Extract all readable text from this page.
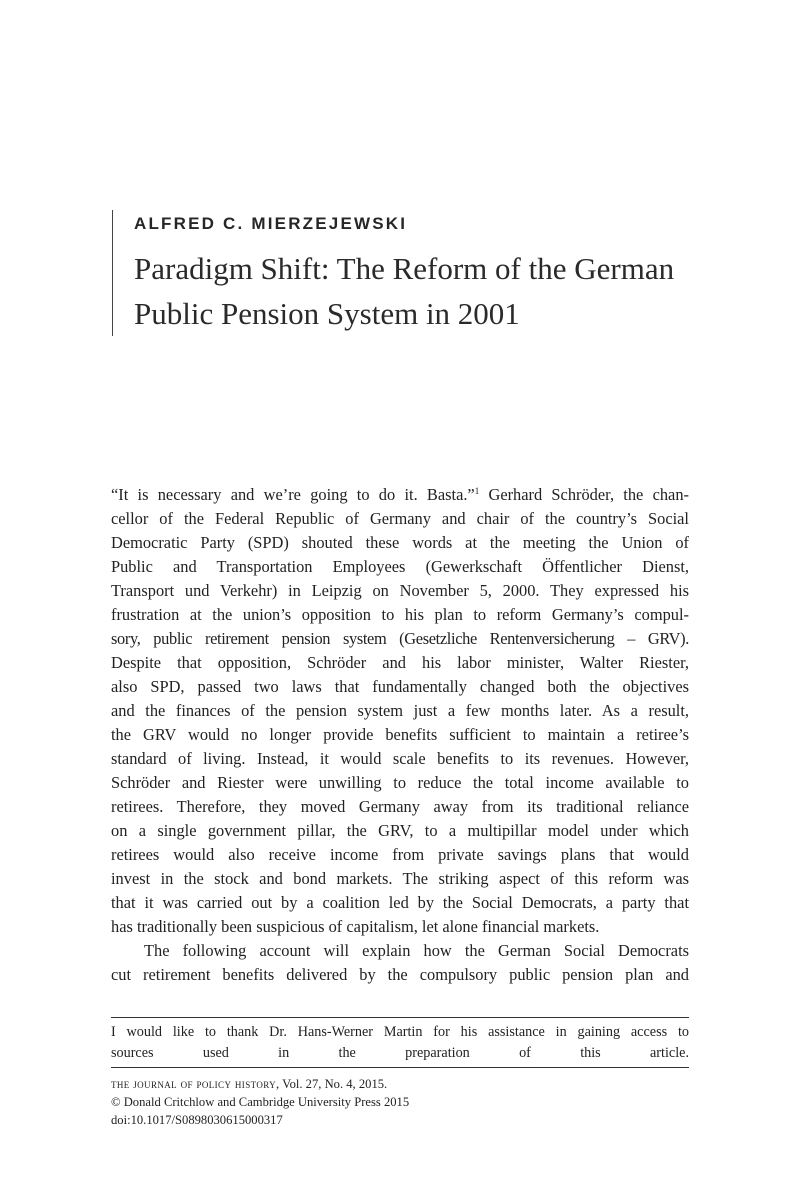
ALFRED C. MIERZEJEWSKI
Paradigm Shift: The Reform of the German
Public Pension System in 2001

“It is necessary and we’re going to do it. Basta.”$^1$ Gerhard Schröder, the chan-
cellor of the Federal Republic of Germany and chair of the country’s Social
Democratic Party (SPD) shouted these words at the meeting the Union of
Public and Transportation Employees (Gewerkschaft Öffentlicher Dienst,
Transport und Verkehr) in Leipzig on November 5, 2000. They expressed his
frustration at the union’s opposition to his plan to reform Germany’s compul-
sory, public retirement pension system (Gesetzliche Rentenversicherung – GRV).
Despite that opposition, Schröder and his labor minister, Walter Riester,
also SPD, passed two laws that fundamentally changed both the objectives
and the finances of the pension system just a few months later. As a result,
the GRV would no longer provide benefits sufficient to maintain a retiree’s
standard of living. Instead, it would scale benefits to its revenues. However,
Schröder and Riester were unwilling to reduce the total income available to
retirees. Therefore, they moved Germany away from its traditional reliance
on a single government pillar, the GRV, to a multipillar model under which
retirees would also receive income from private savings plans that would
invest in the stock and bond markets. The striking aspect of this reform was
that it was carried out by a coalition led by the Social Democrats, a party that
has traditionally been suspicious of capitalism, let alone financial markets.

The following account will explain how the German Social Democrats
cut retirement benefits delivered by the compulsory public pension plan and

I would like to thank Dr. Hans-Werner Martin for his assistance in gaining access to
sources used in the preparation of this article.
the journal of policy history, Vol. 27, No. 4, 2015.
© Donald Critchlow and Cambridge University Press 2015
doi:10.1017/S0898030615000317
